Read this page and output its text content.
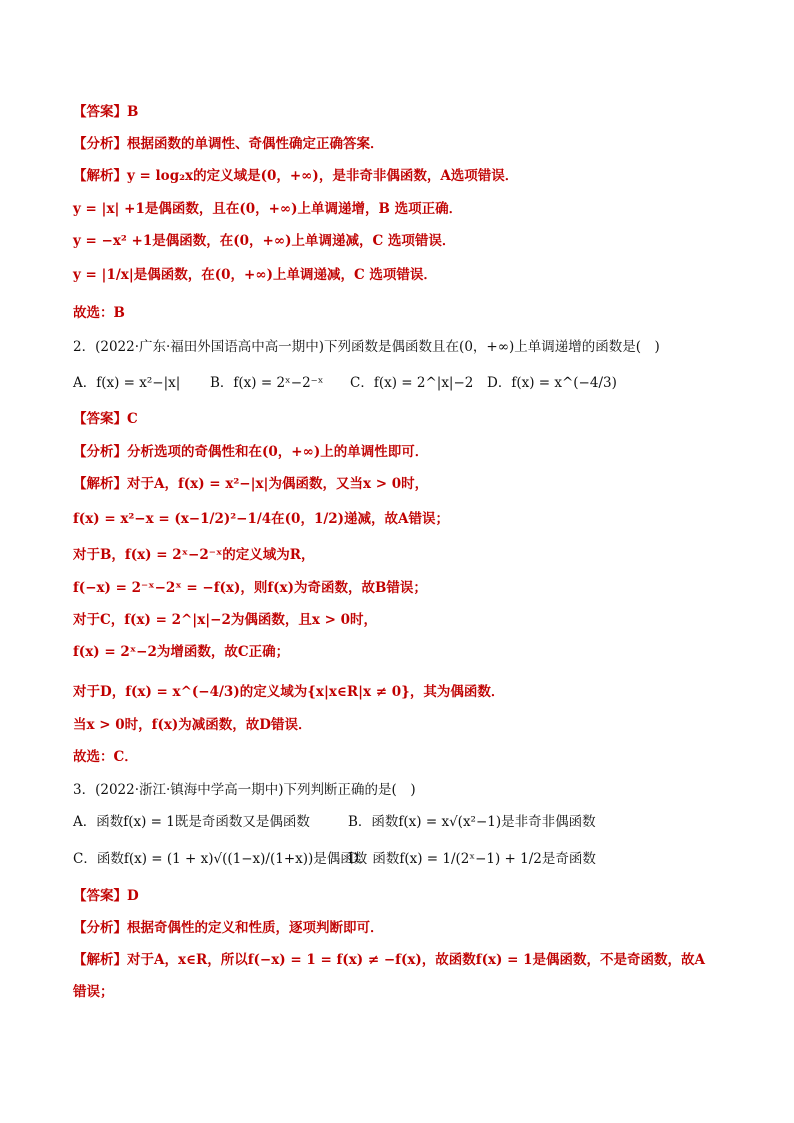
【答案】B
【分析】根据函数的单调性、奇偶性确定正确答案．
【解析】y = log₂x的定义域是(0，+∞)，是非奇非偶函数，A选项错误．
y = |x| +1是偶函数，且在(0，+∞)上单调递增，B 选项正确．
y = −x² +1是偶函数，在(0，+∞)上单调递减，C 选项错误．
y = |1/x|是偶函数，在(0，+∞)上单调递减，C 选项错误．
故选：B
2．(2022·广东·福田外国语高中高一期中)下列函数是偶函数且在(0，+∞)上单调递增的函数是(　)
A．f(x) = x²−|x| B．f(x) = 2ˣ−2⁻ˣ C．f(x) = 2^|x|−2 D．f(x) = x^(−4/3)
【答案】C
【分析】分析选项的奇偶性和在(0，+∞)上的单调性即可．
【解析】对于A，f(x) = x²−|x|为偶函数，又当x > 0时，
f(x) = x²−x = (x−1/2)²−1/4在(0，1/2)递减，故A错误；
对于B，f(x) = 2ˣ−2⁻ˣ的定义域为R，
f(−x) = 2⁻ˣ−2ˣ = −f(x)，则f(x)为奇函数，故B错误；
对于C，f(x) = 2^|x|−2为偶函数，且x > 0时，
f(x) = 2ˣ−2为增函数，故C正确；
对于D，f(x) = x^(−4/3)的定义域为{x|x∈R|x ≠ 0}，其为偶函数．
当x > 0时，f(x)为减函数，故D错误．
故选：C．
3．(2022·浙江·镇海中学高一期中)下列判断正确的是(　)
A．函数f(x) = 1既是奇函数又是偶函数	B．函数f(x) = x√(x²−1)是非奇非偶函数
C．函数f(x) = (1 + x)√((1−x)/(1+x))是偶函数
D．函数f(x) = 1/(2ˣ−1) + 1/2是奇函数
【答案】D
【分析】根据奇偶性的定义和性质，逐项判断即可．
【解析】对于A，x∈R，所以f(−x) = 1 = f(x) ≠ −f(x)，故函数f(x) = 1是偶函数，不是奇函数，故A
错误；
